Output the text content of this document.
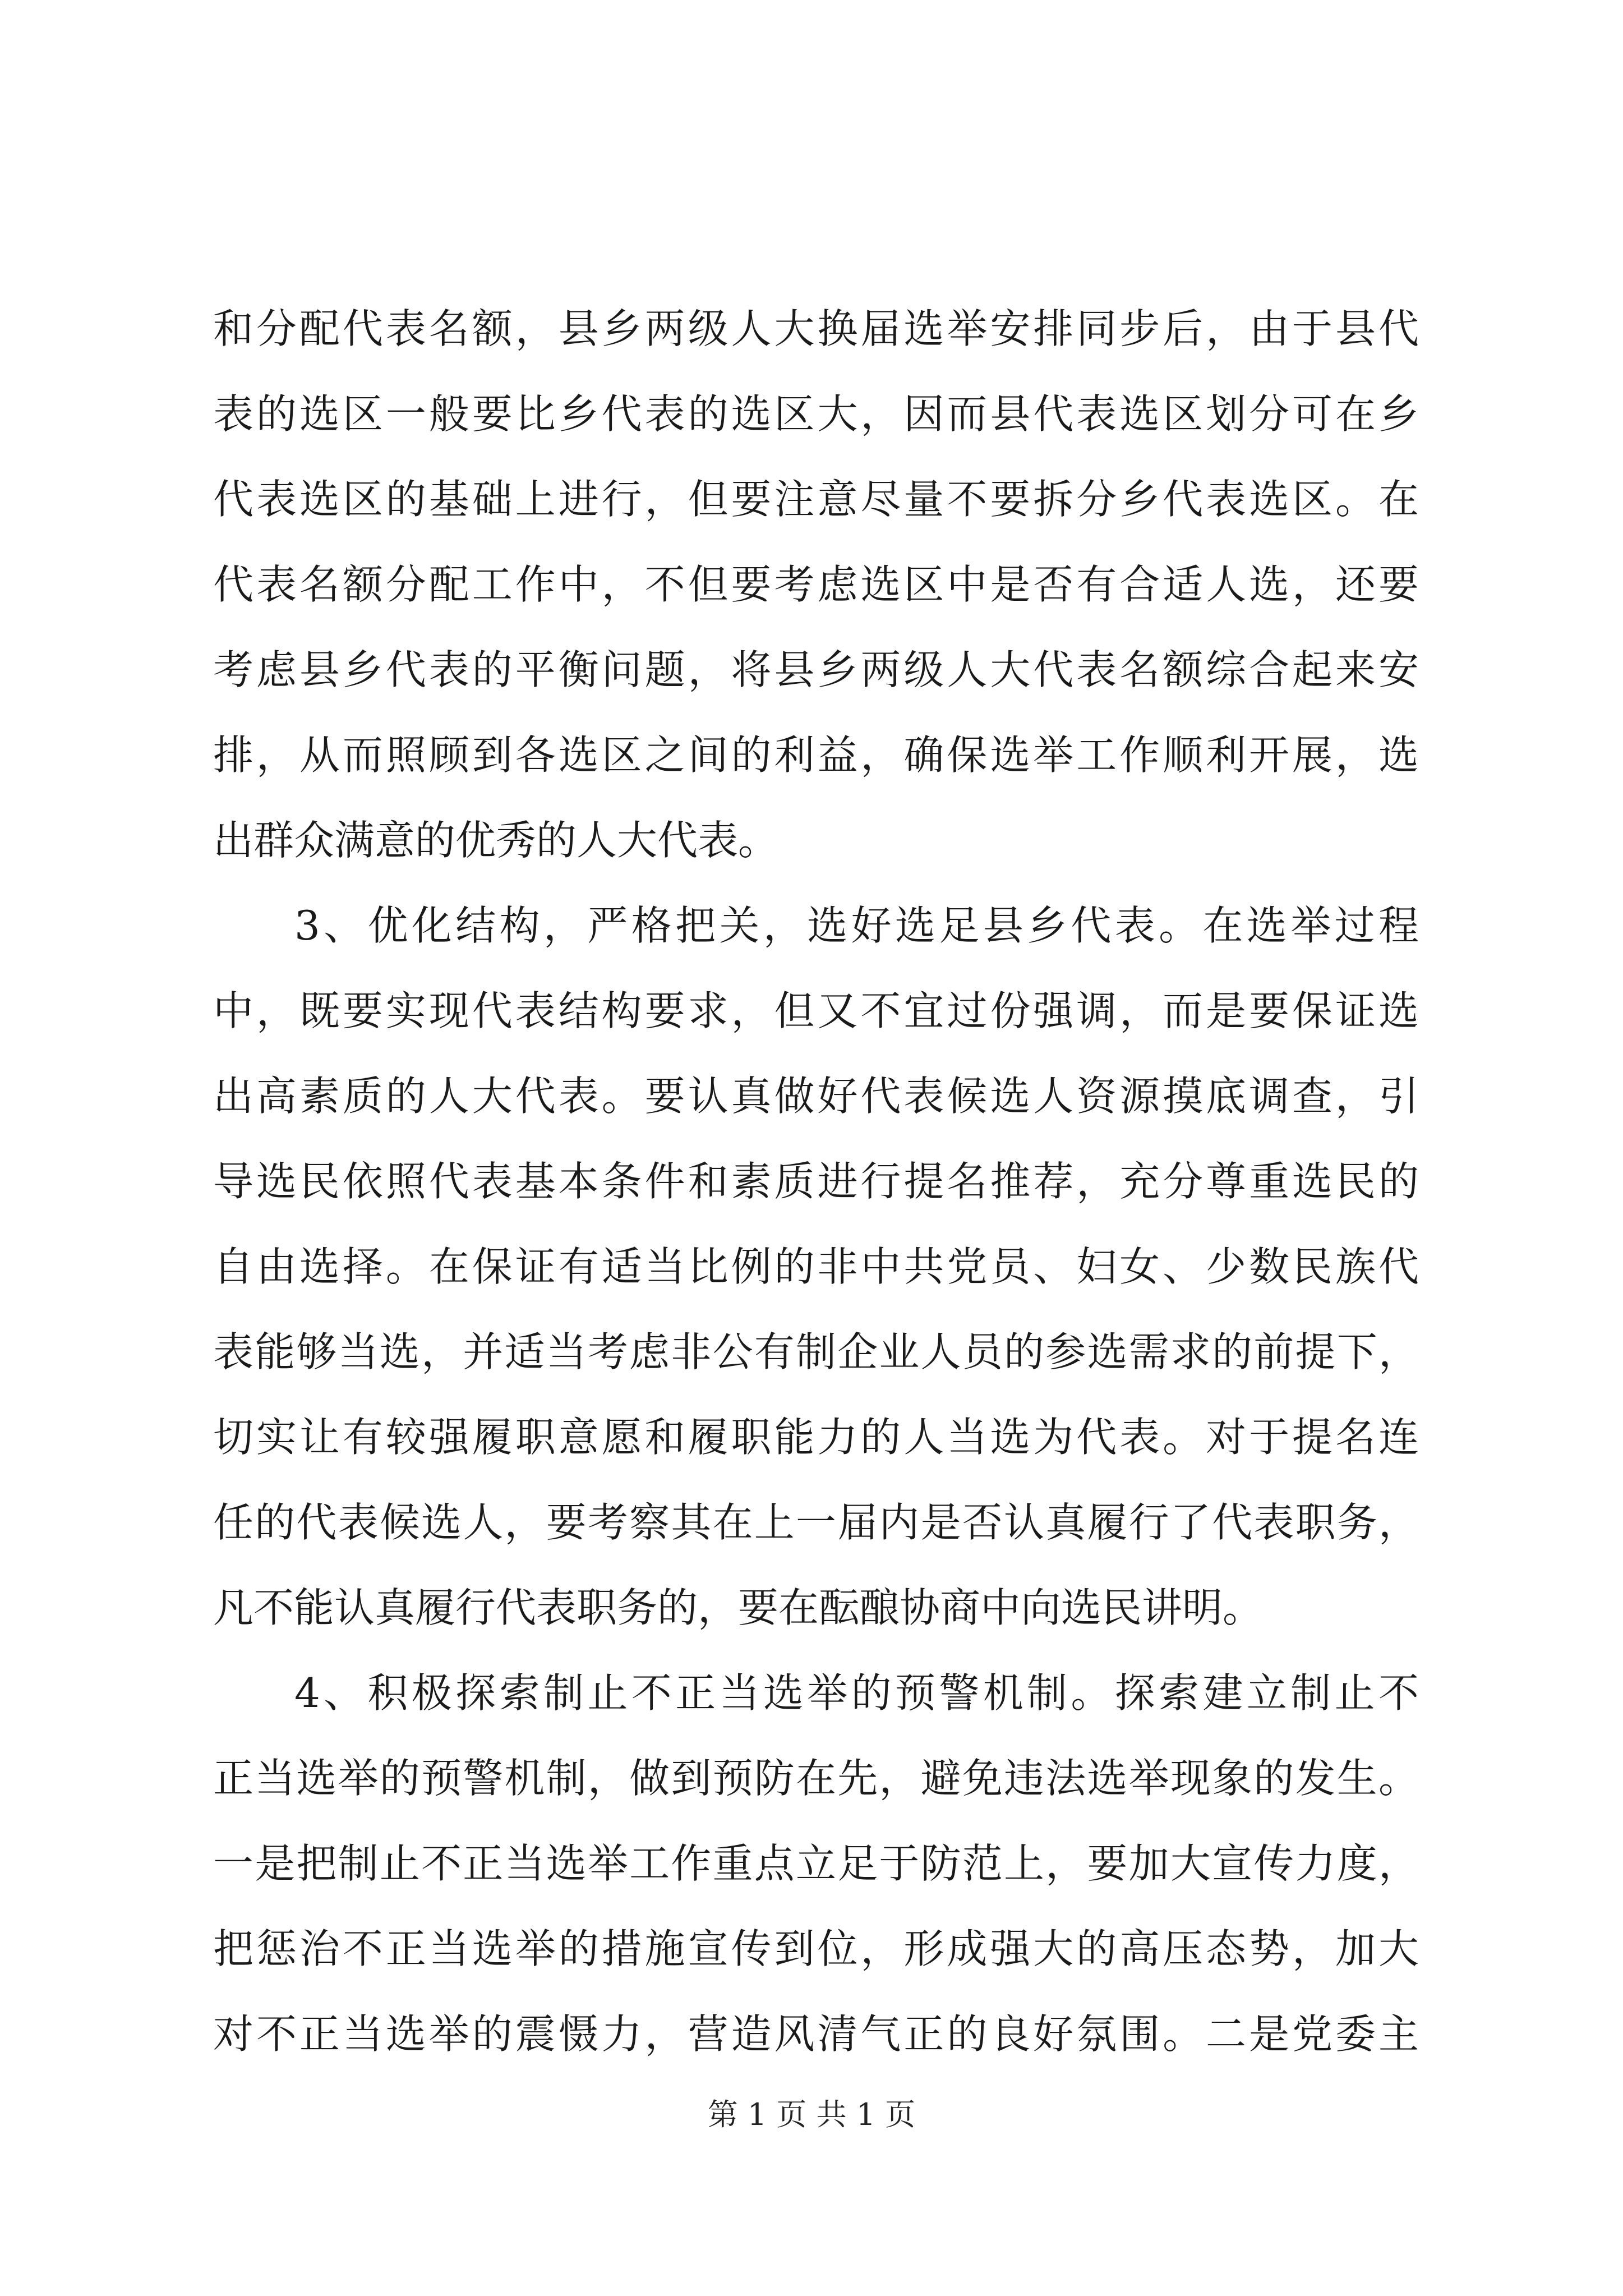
和分配代表名额，县乡两级人大换届选举安排同步后，由于县代
表的选区一般要比乡代表的选区大，因而县代表选区划分可在乡
代表选区的基础上进行，但要注意尽量不要拆分乡代表选区。在
代表名额分配工作中，不但要考虑选区中是否有合适人选，还要
考虑县乡代表的平衡问题，将县乡两级人大代表名额综合起来安
排，从而照顾到各选区之间的利益，确保选举工作顺利开展，选
出群众满意的优秀的人大代表。
3、优化结构，严格把关，选好选足县乡代表。在选举过程
中，既要实现代表结构要求，但又不宜过份强调，而是要保证选
出高素质的人大代表。要认真做好代表候选人资源摸底调查，引
导选民依照代表基本条件和素质进行提名推荐，充分尊重选民的
自由选择。在保证有适当比例的非中共党员、妇女、少数民族代
表能够当选，并适当考虑非公有制企业人员的参选需求的前提下，
切实让有较强履职意愿和履职能力的人当选为代表。对于提名连
任的代表候选人，要考察其在上一届内是否认真履行了代表职务，
凡不能认真履行代表职务的，要在酝酿协商中向选民讲明。
4、积极探索制止不正当选举的预警机制。探索建立制止不
正当选举的预警机制，做到预防在先，避免违法选举现象的发生。
一是把制止不正当选举工作重点立足于防范上，要加大宣传力度，
把惩治不正当选举的措施宣传到位，形成强大的高压态势，加大
对不正当选举的震慑力，营造风清气正的良好氛围。二是党委主
第 1 页 共 1 页
